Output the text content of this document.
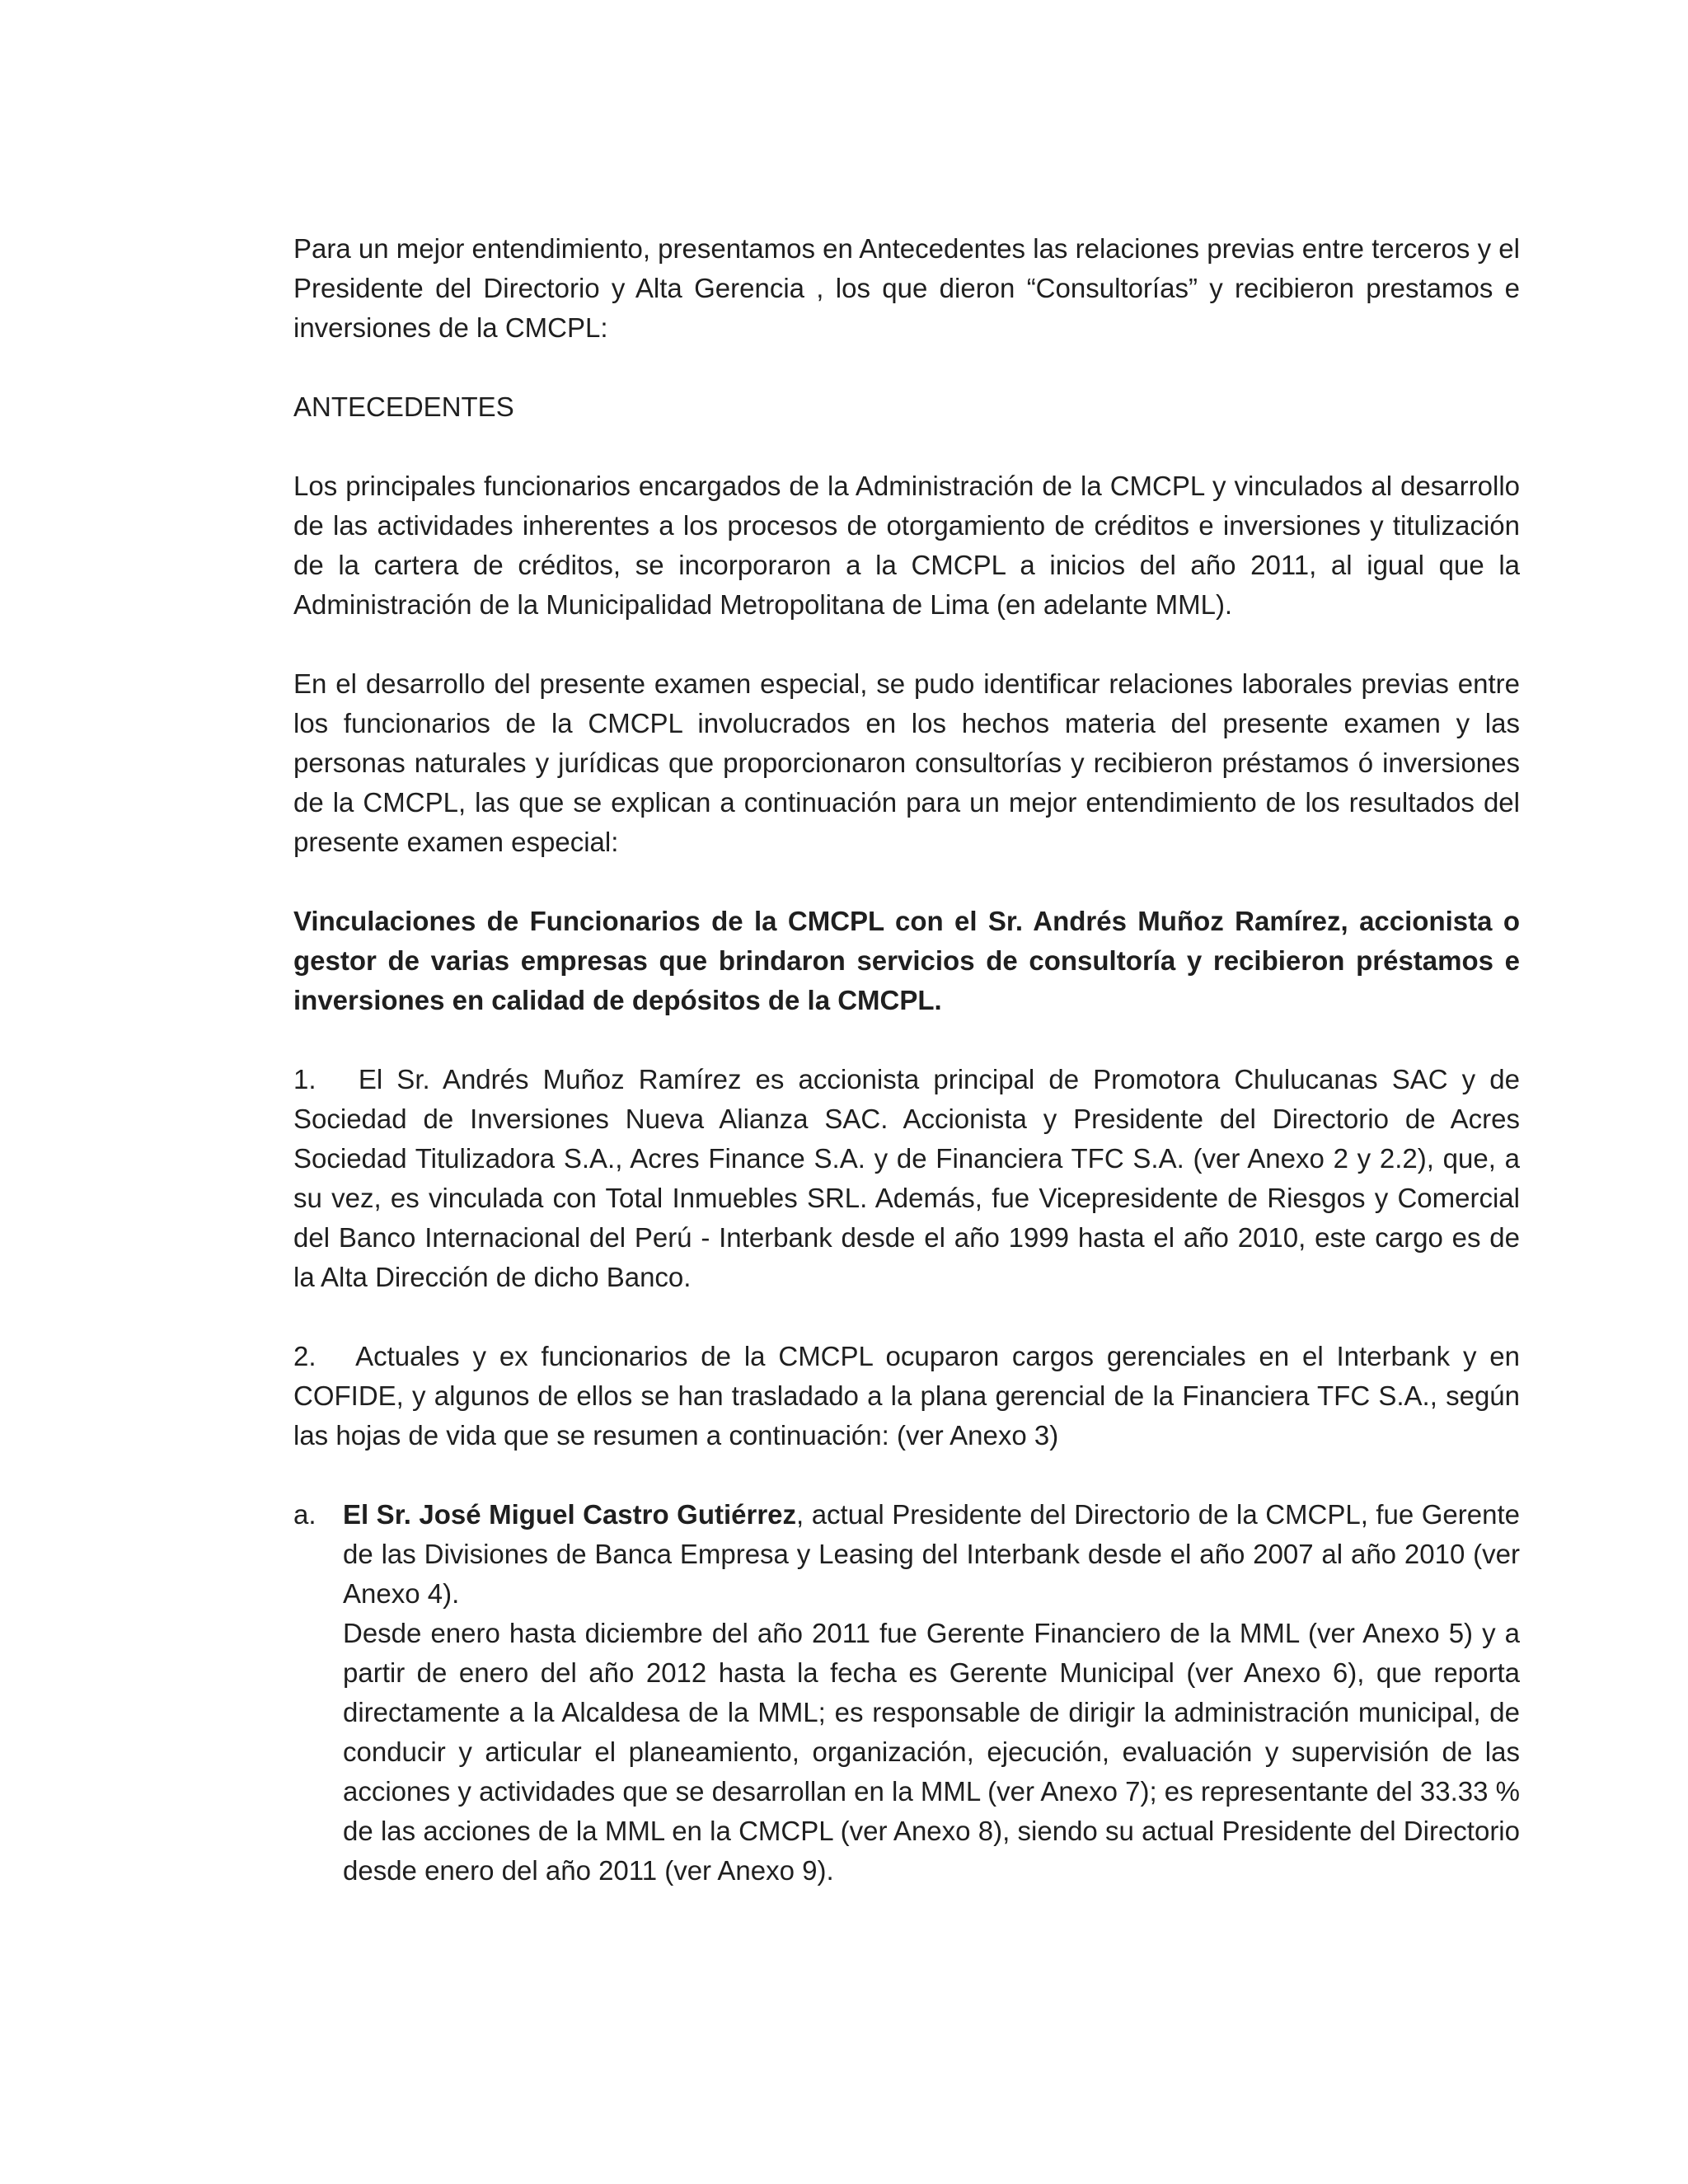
Para un mejor entendimiento, presentamos en Antecedentes las relaciones previas entre terceros y el Presidente del Directorio y Alta Gerencia , los que dieron “Consultorías” y recibieron prestamos e inversiones de la CMCPL:

ANTECEDENTES

Los principales funcionarios encargados de la Administración de la CMCPL y vinculados al desarrollo de las actividades inherentes a los procesos de otorgamiento de créditos e inversiones y titulización de la cartera de créditos, se incorporaron a la CMCPL a inicios del año 2011, al igual que la Administración de la Municipalidad Metropolitana de Lima (en adelante MML).

En el desarrollo del presente examen especial, se pudo identificar relaciones laborales previas entre los funcionarios de la CMCPL involucrados en los hechos materia del presente examen y las personas naturales y jurídicas que proporcionaron consultorías y recibieron préstamos ó inversiones de la CMCPL, las que se explican a continuación para un mejor entendimiento de los resultados del presente examen especial:

Vinculaciones de Funcionarios de la CMCPL con el Sr. Andrés Muñoz Ramírez, accionista o gestor de varias empresas que brindaron servicios de consultoría y recibieron préstamos e inversiones en calidad de depósitos de la CMCPL.

1. El Sr. Andrés Muñoz Ramírez es accionista principal de Promotora Chulucanas SAC y de Sociedad de Inversiones Nueva Alianza SAC. Accionista y Presidente del Directorio de Acres Sociedad Titulizadora S.A., Acres Finance S.A. y de Financiera TFC S.A. (ver Anexo 2 y 2.2), que, a su vez, es vinculada con Total Inmuebles SRL. Además, fue Vicepresidente de Riesgos y Comercial del Banco Internacional del Perú - Interbank desde el año 1999 hasta el año 2010, este cargo es de la Alta Dirección de dicho Banco.

2. Actuales y ex funcionarios de la CMCPL ocuparon cargos gerenciales en el Interbank y en COFIDE, y algunos de ellos se han trasladado a la plana gerencial de la Financiera TFC S.A., según las hojas de vida que se resumen a continuación: (ver Anexo 3)

a. El Sr. José Miguel Castro Gutiérrez, actual Presidente del Directorio de la CMCPL, fue Gerente de las Divisiones de Banca Empresa y Leasing del Interbank desde el año 2007 al año 2010 (ver Anexo 4).

Desde enero hasta diciembre del año 2011 fue Gerente Financiero de la MML (ver Anexo 5) y a partir de enero del año 2012 hasta la fecha es Gerente Municipal (ver Anexo 6), que reporta directamente a la Alcaldesa de la MML; es responsable de dirigir la administración municipal, de conducir y articular el planeamiento, organización, ejecución, evaluación y supervisión de las acciones y actividades que se desarrollan en la MML (ver Anexo 7); es representante del 33.33 % de las acciones de la MML en la CMCPL (ver Anexo 8), siendo su actual Presidente del Directorio desde enero del año 2011 (ver Anexo 9).
